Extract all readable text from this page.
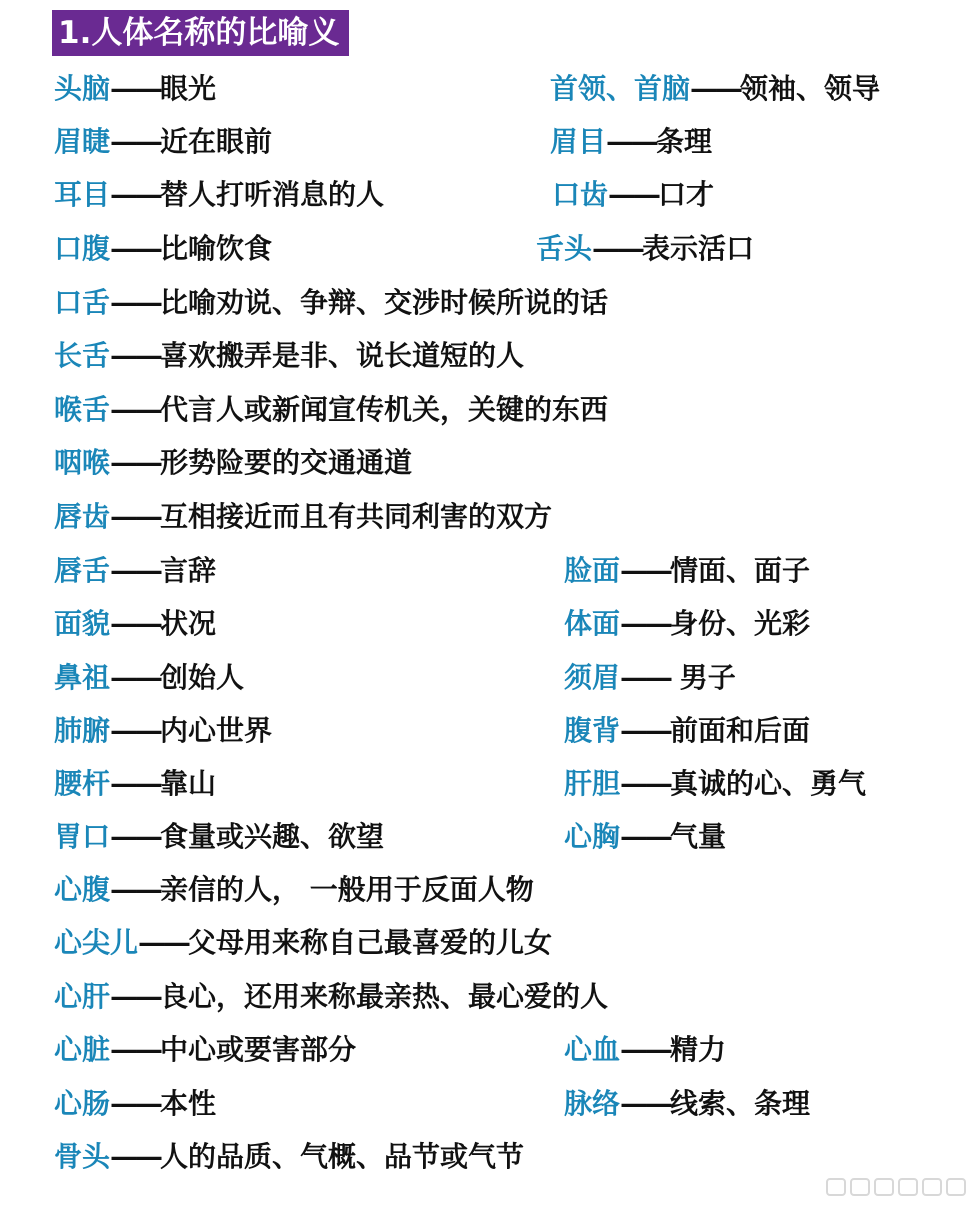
1.人体名称的比喻义
头脑——眼光	首领、首脑——领袖、领导
眉睫——近在眼前	眉目——条理
耳目——替人打听消息的人	口齿——口才
口腹——比喻饮食	舌头——表示活口
口舌——比喻劝说、争辩、交涉时候所说的话
长舌——喜欢搬弄是非、说长道短的人
喉舌——代言人或新闻宣传机关，关键的东西
咽喉——形势险要的交通通道
唇齿——互相接近而且有共同利害的双方
唇舌——言辞	脸面——情面、面子
面貌——状况	体面——身份、光彩
鼻祖——创始人	须眉—— 男子
肺腑——内心世界	腹背——前面和后面
腰杆——靠山	肝胆——真诚的心、勇气
胃口——食量或兴趣、欲望	心胸——气量
心腹——亲信的人， 一般用于反面人物
心尖儿——父母用来称自己最喜爱的儿女
心肝——良心，还用来称最亲热、最心爱的人
心脏——中心或要害部分	心血——精力
心肠——本性	脉络——线索、条理
骨头——人的品质、气概、品节或气节
